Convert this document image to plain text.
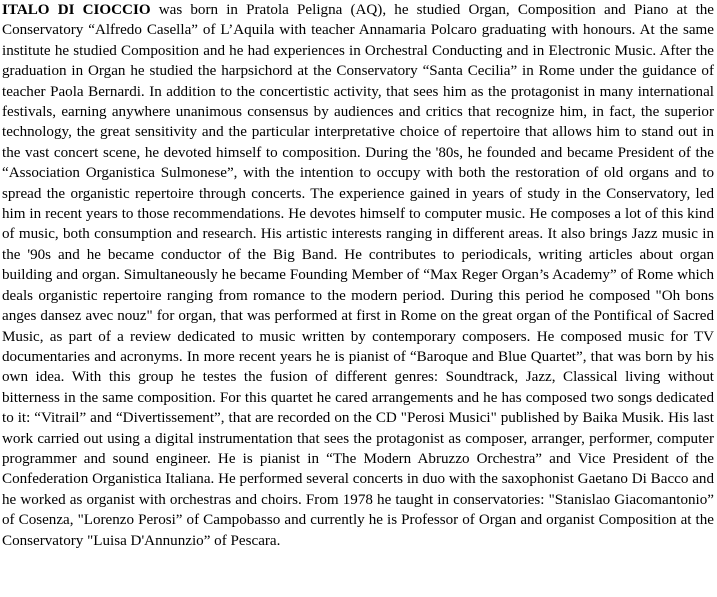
ITALO DI CIOCCIO was born in Pratola Peligna (AQ), he studied Organ, Composition and Piano at the Conservatory “Alfredo Casella” of L’Aquila with teacher Annamaria Polcaro graduating with honours. At the same institute he studied Composition and he had experiences in Orchestral Conducting and in Electronic Music. After the graduation in Organ he studied the harpsichord at the Conservatory “Santa Cecilia” in Rome under the guidance of teacher Paola Bernardi. In addition to the concertistic activity, that sees him as the protagonist in many international festivals, earning anywhere unanimous consensus by audiences and critics that recognize him, in fact, the superior technology, the great sensitivity and the particular interpretative choice of repertoire that allows him to stand out in the vast concert scene, he devoted himself to composition. During the '80s, he founded and became President of the “Association Organistica Sulmonese”, with the intention to occupy with both the restoration of old organs and to spread the organistic repertoire through concerts. The experience gained in years of study in the Conservatory, led him in recent years to those recommendations. He devotes himself to computer music. He composes a lot of this kind of music, both consumption and research. His artistic interests ranging in different areas. It also brings Jazz music in the '90s and he became conductor of the Big Band. He contributes to periodicals, writing articles about organ building and organ. Simultaneously he became Founding Member of “Max Reger Organ’s Academy” of Rome which deals organistic repertoire ranging from romance to the modern period. During this period he composed "Oh bons anges dansez avec nouz" for organ, that was performed at first in Rome on the great organ of the Pontifical of Sacred Music, as part of a review dedicated to music written by contemporary composers. He composed music for TV documentaries and acronyms. In more recent years he is pianist of “Baroque and Blue Quartet”, that was born by his own idea. With this group he testes the fusion of different genres: Soundtrack, Jazz, Classical living without bitterness in the same composition. For this quartet he cared arrangements and he has composed two songs dedicated to it: “Vitrail” and “Divertissement”, that are recorded on the CD "Perosi Musici" published by Baika Musik. His last work carried out using a digital instrumentation that sees the protagonist as composer, arranger, performer, computer programmer and sound engineer. He is pianist in “The Modern Abruzzo Orchestra” and Vice President of the Confederation Organistica Italiana. He performed several concerts in duo with the saxophonist Gaetano Di Bacco and he worked as organist with orchestras and choirs. From 1978 he taught in conservatories: "Stanislao Giacomantonio” of Cosenza, "Lorenzo Perosi” of Campobasso and currently he is Professor of Organ and organist Composition at the Conservatory "Luisa D'Annunzio” of Pescara.
